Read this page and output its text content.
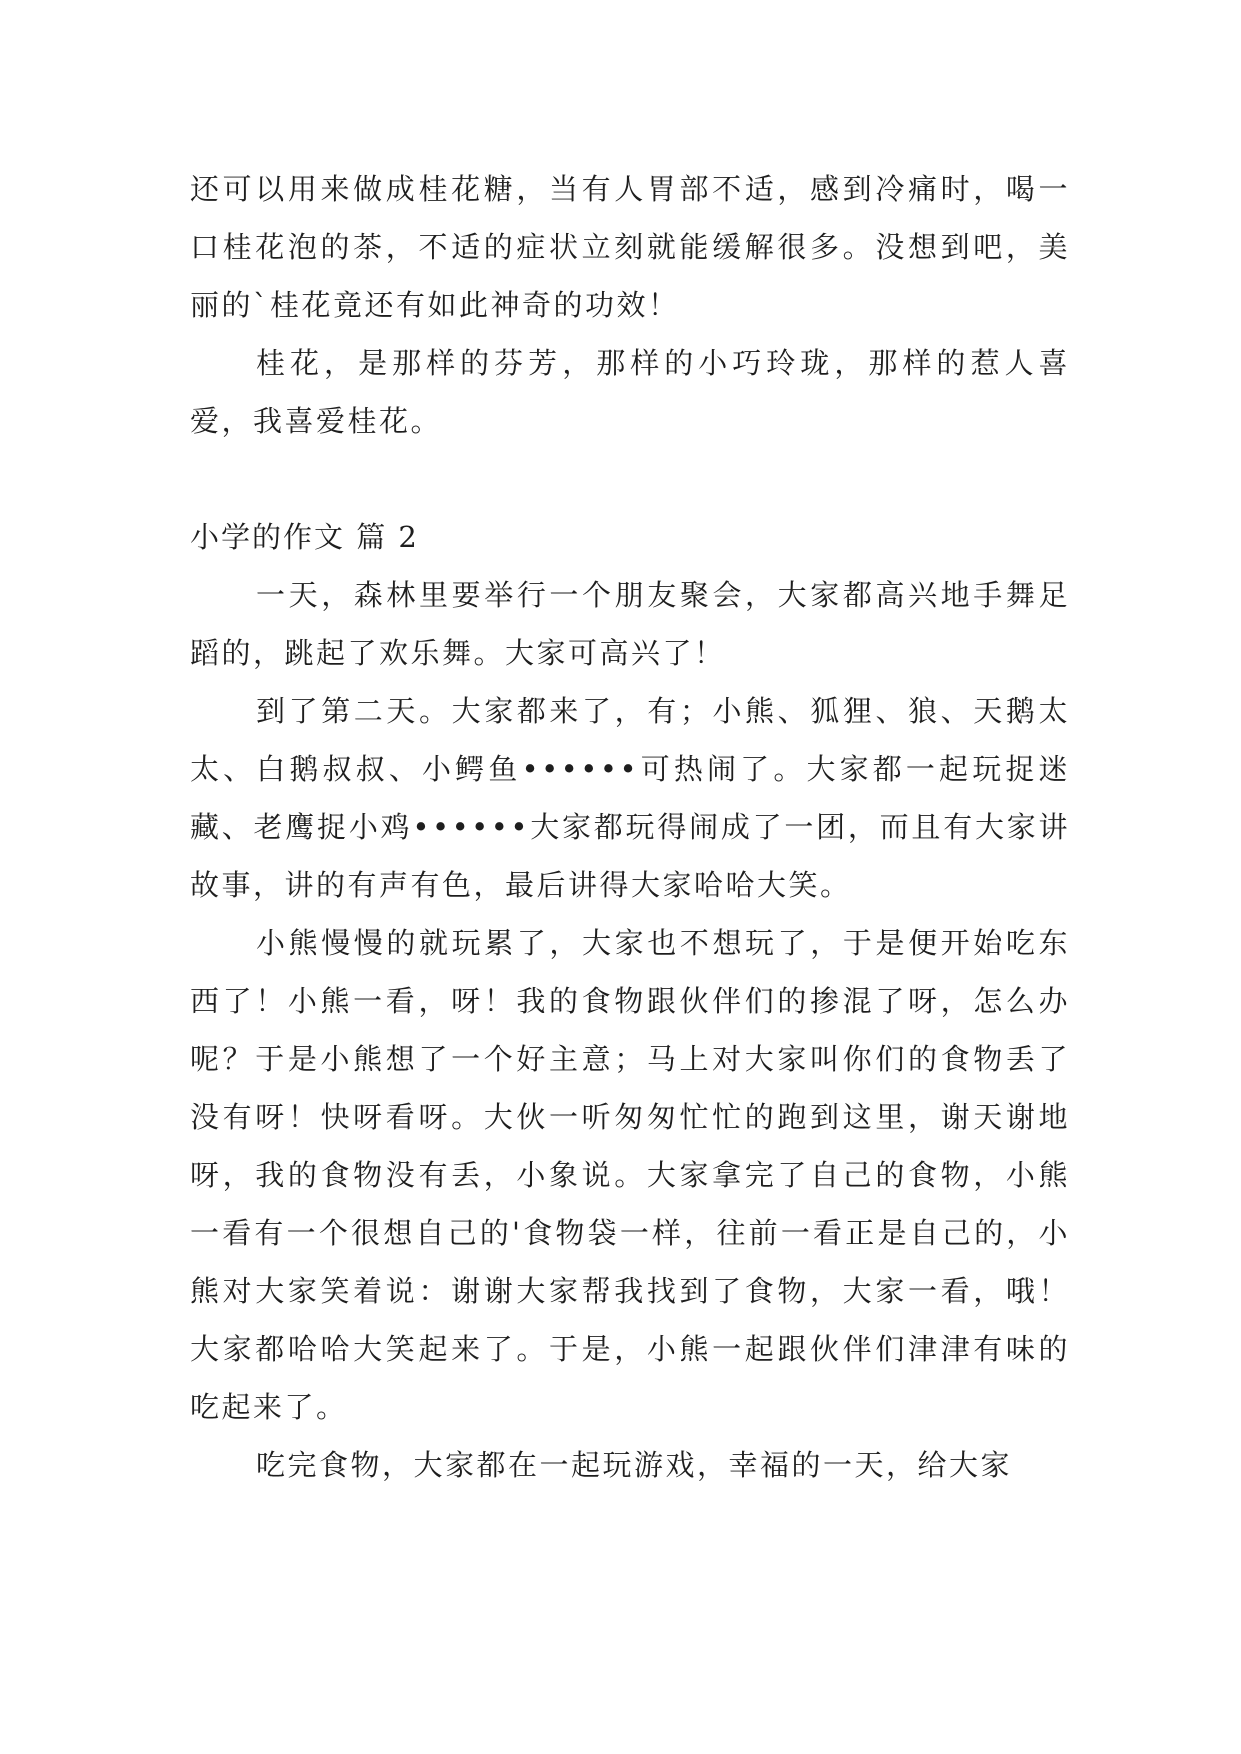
还可以用来做成桂花糖，当有人胃部不适，感到冷痛时，喝一口桂花泡的茶，不适的症状立刻就能缓解很多。没想到吧，美丽的`桂花竟还有如此神奇的功效！

桂花，是那样的芬芳，那样的小巧玲珑，那样的惹人喜爱，我喜爱桂花。

小学的作文 篇 2

一天，森林里要举行一个朋友聚会，大家都高兴地手舞足蹈的，跳起了欢乐舞。大家可高兴了！

到了第二天。大家都来了，有；小熊、狐狸、狼、天鹅太太、白鹅叔叔、小鳄鱼••••••可热闹了。大家都一起玩捉迷藏、老鹰捉小鸡••••••大家都玩得闹成了一团，而且有大家讲故事，讲的有声有色，最后讲得大家哈哈大笑。

小熊慢慢的就玩累了，大家也不想玩了，于是便开始吃东西了！小熊一看，呀！我的食物跟伙伴们的掺混了呀，怎么办呢？于是小熊想了一个好主意；马上对大家叫你们的食物丢了没有呀！快呀看呀。大伙一听匆匆忙忙的跑到这里，谢天谢地呀，我的食物没有丢，小象说。大家拿完了自己的食物，小熊一看有一个很想自己的'食物袋一样，往前一看正是自己的，小熊对大家笑着说：谢谢大家帮我找到了食物，大家一看，哦！大家都哈哈大笑起来了。于是，小熊一起跟伙伴们津津有味的吃起来了。

吃完食物，大家都在一起玩游戏，幸福的一天，给大家
